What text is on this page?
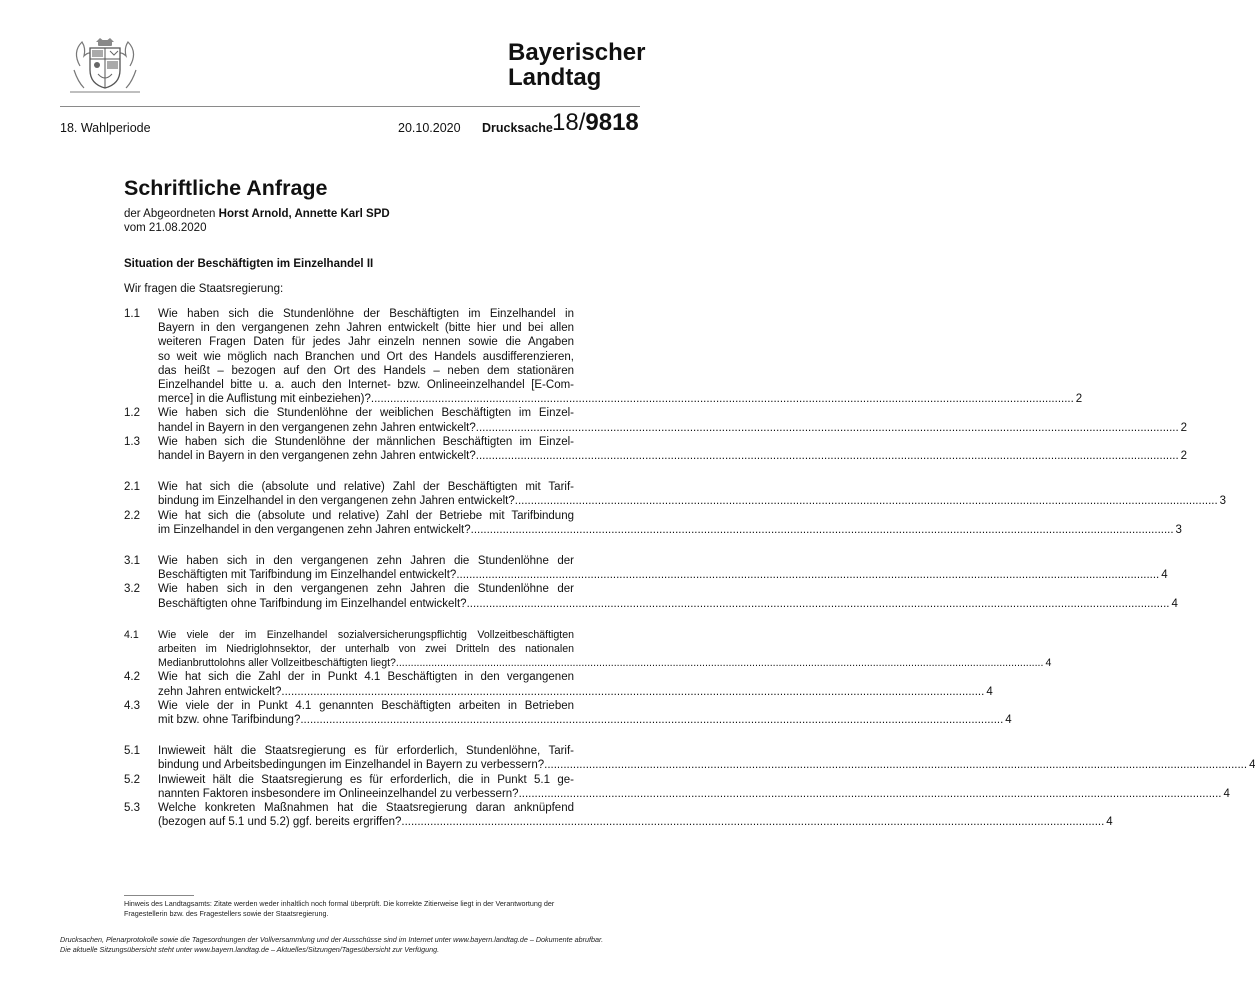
Bayerischer
Landtag
18. Wahlperiode	20.10.2020 Drucksache 18/9818
Schriftliche Anfrage
der Abgeordneten Horst Arnold, Annette Karl SPD
vom 21.08.2020
Situation der Beschäftigten im Einzelhandel II
Wir fragen die Staatsregierung:
1.1 Wie haben sich die Stundenlöhne der Beschäftigten im Einzelhandel in
Bayern in den vergangenen zehn Jahren entwickelt (bitte hier und bei allen
weiteren Fragen Daten für jedes Jahr einzeln nennen sowie die Angaben
so weit wie möglich nach Branchen und Ort des Handels ausdifferenzieren,
das heißt – bezogen auf den Ort des Handels – neben dem stationären
Einzelhandel bitte u. a. auch den Internet- bzw. Onlineeinzelhandel [E-Com-
merce] in die Auflistung mit einbeziehen)? ............................................................................................................................................................................................................................ 2
1.2 Wie haben sich die Stundenlöhne der weiblichen Beschäftigten im Einzel-
handel in Bayern in den vergangenen zehn Jahren entwickelt? ............................................................................................................................................................................................................................ 2
1.3 Wie haben sich die Stundenlöhne der männlichen Beschäftigten im Einzel-
handel in Bayern in den vergangenen zehn Jahren entwickelt? ............................................................................................................................................................................................................................ 2
2.1 Wie hat sich die (absolute und relative) Zahl der Beschäftigten mit Tarif-
bindung im Einzelhandel in den vergangenen zehn Jahren entwickelt? ............................................................................................................................................................................................................................ 3
2.2 Wie hat sich die (absolute und relative) Zahl der Betriebe mit Tarifbindung
im Einzelhandel in den vergangenen zehn Jahren entwickelt? ............................................................................................................................................................................................................................ 3
3.1 Wie haben sich in den vergangenen zehn Jahren die Stundenlöhne der
Beschäftigten mit Tarifbindung im Einzelhandel entwickelt? ............................................................................................................................................................................................................................ 4
3.2 Wie haben sich in den vergangenen zehn Jahren die Stundenlöhne der
Beschäftigten ohne Tarifbindung im Einzelhandel entwickelt? ............................................................................................................................................................................................................................ 4
4.1 Wie viele der im Einzelhandel sozialversicherungspflichtig Vollzeitbeschäftigten
arbeiten im Niedriglohnsektor, der unterhalb von zwei Dritteln des nationalen
Medianbruttolohns aller Vollzeitbeschäftigten liegt? ............................................................................................................................................................................................................................ 4
4.2 Wie hat sich die Zahl der in Punkt 4.1 Beschäftigten in den vergangenen
zehn Jahren entwickelt? ............................................................................................................................................................................................................................ 4
4.3 Wie viele der in Punkt 4.1 genannten Beschäftigten arbeiten in Betrieben
mit bzw. ohne Tarifbindung? ............................................................................................................................................................................................................................ 4
5.1 Inwieweit hält die Staatsregierung es für erforderlich, Stundenlöhne, Tarif-
bindung und Arbeitsbedingungen im Einzelhandel in Bayern zu verbessern? ............................................................................................................................................................................................................................ 4
5.2 Inwieweit hält die Staatsregierung es für erforderlich, die in Punkt 5.1 ge-
nannten Faktoren insbesondere im Onlineeinzelhandel zu verbessern? ............................................................................................................................................................................................................................ 4
5.3 Welche konkreten Maßnahmen hat die Staatsregierung daran anknüpfend
(bezogen auf 5.1 und 5.2) ggf. bereits ergriffen? ............................................................................................................................................................................................................................ 4
Hinweis des Landtagsamts: Zitate werden weder inhaltlich noch formal überprüft. Die korrekte Zitierweise liegt in der Verantwortung der Fragestellerin bzw. des Fragestellers sowie der Staatsregierung.
Drucksachen, Plenarprotokolle sowie die Tagesordnungen der Vollversammlung und der Ausschüsse sind im Internet unter www.bayern.landtag.de – Dokumente abrufbar.
Die aktuelle Sitzungsübersicht steht unter www.bayern.landtag.de – Aktuelles/Sitzungen/Tagesübersicht zur Verfügung.
